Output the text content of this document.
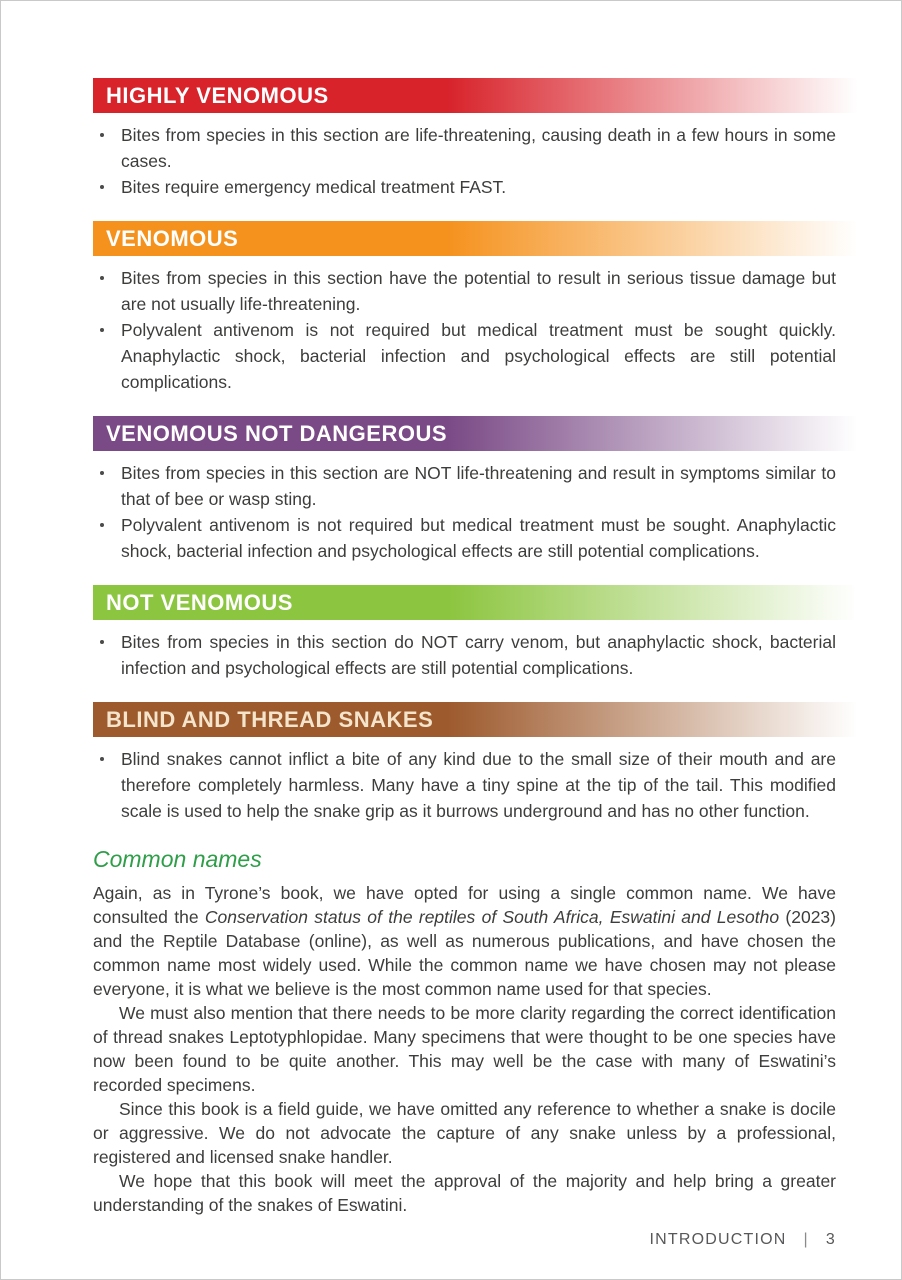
HIGHLY VENOMOUS
Bites from species in this section are life-threatening, causing death in a few hours in some cases.
Bites require emergency medical treatment FAST.
VENOMOUS
Bites from species in this section have the potential to result in serious tissue damage but are not usually life-threatening.
Polyvalent antivenom is not required but medical treatment must be sought quickly. Anaphylactic shock, bacterial infection and psychological effects are still potential complications.
VENOMOUS NOT DANGEROUS
Bites from species in this section are NOT life-threatening and result in symptoms similar to that of bee or wasp sting.
Polyvalent antivenom is not required but medical treatment must be sought. Anaphylactic shock, bacterial infection and psychological effects are still potential complications.
NOT VENOMOUS
Bites from species in this section do NOT carry venom, but anaphylactic shock, bacterial infection and psychological effects are still potential complications.
BLIND AND THREAD SNAKES
Blind snakes cannot inflict a bite of any kind due to the small size of their mouth and are therefore completely harmless. Many have a tiny spine at the tip of the tail. This modified scale is used to help the snake grip as it burrows underground and has no other function.
Common names

Again, as in Tyrone’s book, we have opted for using a single common name. We have consulted the Conservation status of the reptiles of South Africa, Eswatini and Lesotho (2023) and the Reptile Database (online), as well as numerous publications, and have chosen the common name most widely used. While the common name we have chosen may not please everyone, it is what we believe is the most common name used for that species.

We must also mention that there needs to be more clarity regarding the correct identification of thread snakes Leptotyphlopidae. Many specimens that were thought to be one species have now been found to be quite another. This may well be the case with many of Eswatini’s recorded specimens.

Since this book is a field guide, we have omitted any reference to whether a snake is docile or aggressive. We do not advocate the capture of any snake unless by a professional, registered and licensed snake handler.

We hope that this book will meet the approval of the majority and help bring a greater understanding of the snakes of Eswatini.

INTRODUCTION | 3
